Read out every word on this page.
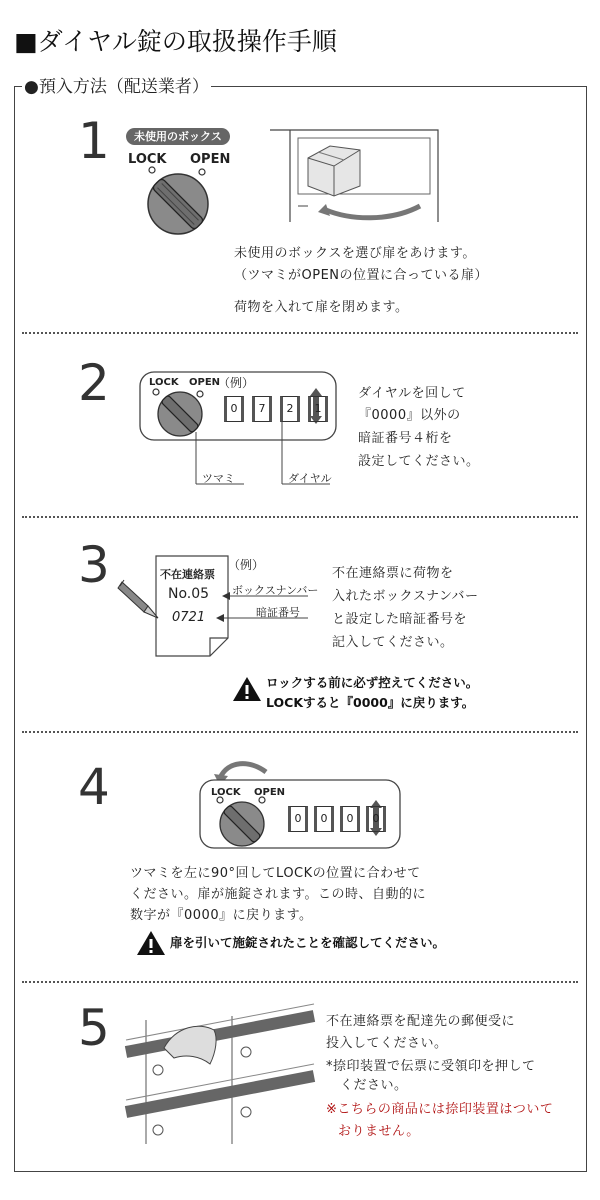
■ダイヤル錠の取扱操作手順
●預入方法（配送業者）
1	未使用のボックス
LOCK OPEN
未使用のボックスを選び扉をあけます。
（ツマミがOPENの位置に合っている扉）
荷物を入れて扉を閉めます。
2	LOCK OPEN
（例）
0	7	2	1
ツマミ	ダイヤル
ダイヤルを回して
『0000』以外の
暗証番号４桁を
設定してください。
3	不在連絡票
No.05
0721
（例）
ボックスナンバー
暗証番号
不在連絡票に荷物を
入れたボックスナンバー
と設定した暗証番号を
記入してください。
ロックする前に必ず控えてください。
LOCKすると『0000』に戻ります。
4	LOCK OPEN
0	0	0	0
ツマミを左に90°回してLOCKの位置に合わせて
ください。扉が施錠されます。この時、自動的に
数字が『0000』に戻ります。
扉を引いて施錠されたことを確認してください。
5	不在連絡票を配達先の郵便受に
投入してください。
*捺印装置で伝票に受領印を押して
ください。
※こちらの商品には捺印装置はついて
おりません。
